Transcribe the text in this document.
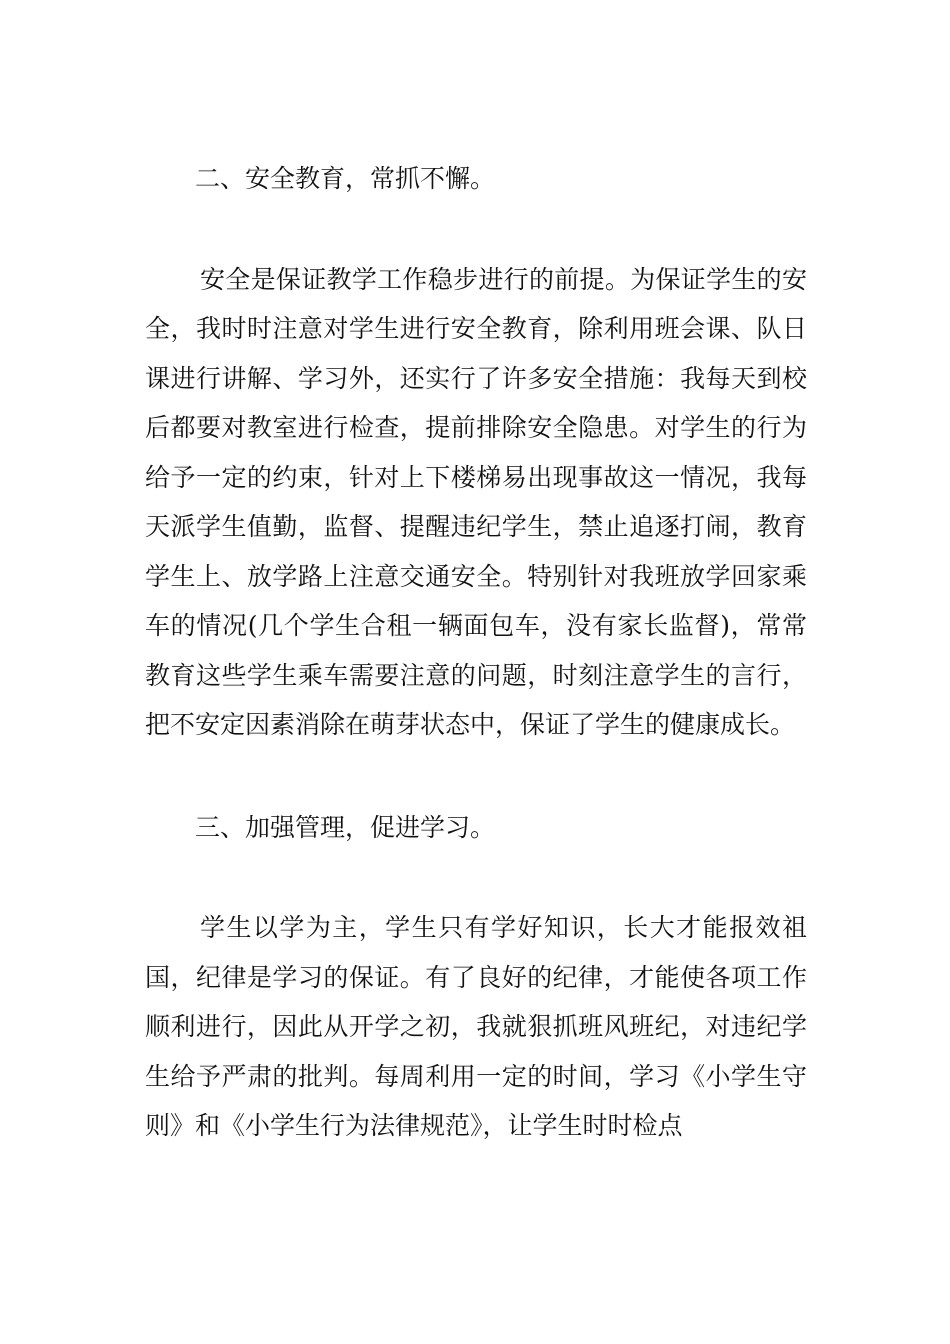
二、安全教育，常抓不懈。

安全是保证教学工作稳步进行的前提。为保证学生的安全，我时时注意对学生进行安全教育，除利用班会课、队日课进行讲解、学习外，还实行了许多安全措施：我每天到校后都要对教室进行检查，提前排除安全隐患。对学生的行为给予一定的约束，针对上下楼梯易出现事故这一情况，我每天派学生值勤，监督、提醒违纪学生，禁止追逐打闹，教育学生上、放学路上注意交通安全。特别针对我班放学回家乘车的情况(几个学生合租一辆面包车，没有家长监督)，常常教育这些学生乘车需要注意的问题，时刻注意学生的言行，把不安定因素消除在萌芽状态中，保证了学生的健康成长。

三、加强管理，促进学习。

学生以学为主，学生只有学好知识，长大才能报效祖国，纪律是学习的保证。有了良好的纪律，才能使各项工作顺利进行，因此从开学之初，我就狠抓班风班纪，对违纪学生给予严肃的批判。每周利用一定的时间，学习《小学生守则》和《小学生行为法律规范》，让学生时时检点
